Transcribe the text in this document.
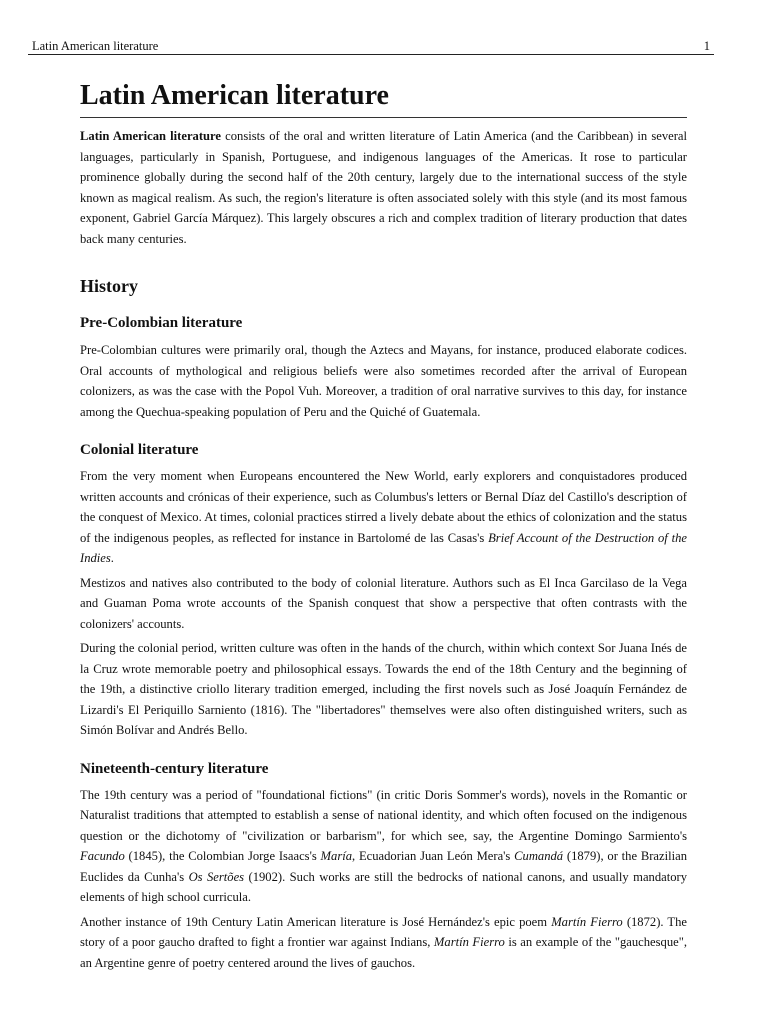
Latin American literature	1
Latin American literature

Latin American literature consists of the oral and written literature of Latin America (and the Caribbean) in several languages, particularly in Spanish, Portuguese, and indigenous languages of the Americas. It rose to particular prominence globally during the second half of the 20th century, largely due to the international success of the style known as magical realism. As such, the region's literature is often associated solely with this style (and its most famous exponent, Gabriel García Márquez). This largely obscures a rich and complex tradition of literary production that dates back many centuries.

History
Pre-Colombian literature

Pre-Colombian cultures were primarily oral, though the Aztecs and Mayans, for instance, produced elaborate codices. Oral accounts of mythological and religious beliefs were also sometimes recorded after the arrival of European colonizers, as was the case with the Popol Vuh. Moreover, a tradition of oral narrative survives to this day, for instance among the Quechua-speaking population of Peru and the Quiché of Guatemala.

Colonial literature

From the very moment when Europeans encountered the New World, early explorers and conquistadores produced written accounts and crónicas of their experience, such as Columbus's letters or Bernal Díaz del Castillo's description of the conquest of Mexico. At times, colonial practices stirred a lively debate about the ethics of colonization and the status of the indigenous peoples, as reflected for instance in Bartolomé de las Casas's Brief Account of the Destruction of the Indies.

Mestizos and natives also contributed to the body of colonial literature. Authors such as El Inca Garcilaso de la Vega and Guaman Poma wrote accounts of the Spanish conquest that show a perspective that often contrasts with the colonizers' accounts.

During the colonial period, written culture was often in the hands of the church, within which context Sor Juana Inés de la Cruz wrote memorable poetry and philosophical essays. Towards the end of the 18th Century and the beginning of the 19th, a distinctive criollo literary tradition emerged, including the first novels such as José Joaquín Fernández de Lizardi's El Periquillo Sarniento (1816). The "libertadores" themselves were also often distinguished writers, such as Simón Bolívar and Andrés Bello.

Nineteenth-century literature

The 19th century was a period of "foundational fictions" (in critic Doris Sommer's words), novels in the Romantic or Naturalist traditions that attempted to establish a sense of national identity, and which often focused on the indigenous question or the dichotomy of "civilization or barbarism", for which see, say, the Argentine Domingo Sarmiento's Facundo (1845), the Colombian Jorge Isaacs's María, Ecuadorian Juan León Mera's Cumandá (1879), or the Brazilian Euclides da Cunha's Os Sertões (1902). Such works are still the bedrocks of national canons, and usually mandatory elements of high school curricula.

Another instance of 19th Century Latin American literature is José Hernández's epic poem Martín Fierro (1872). The story of a poor gaucho drafted to fight a frontier war against Indians, Martín Fierro is an example of the "gauchesque", an Argentine genre of poetry centered around the lives of gauchos.
